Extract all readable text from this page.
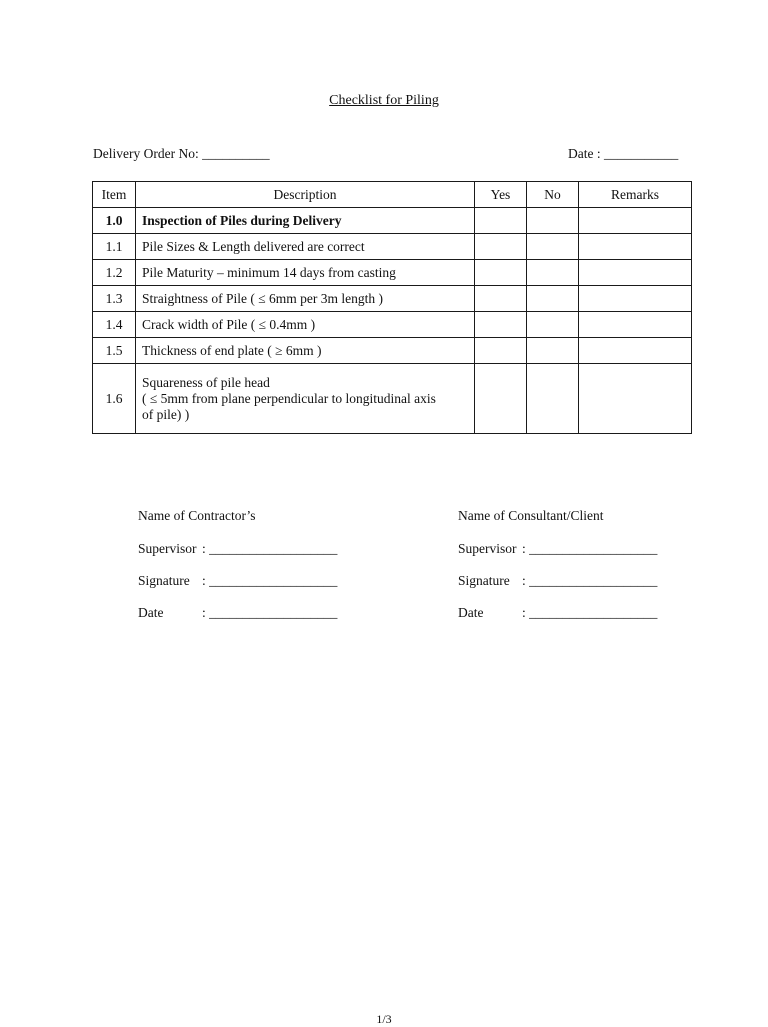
Checklist for Piling
Delivery Order No: __________	Date : ___________
Item	Description	Yes	No	Remarks
1.0	Inspection of Piles during Delivery			
1.1	Pile Sizes & Length delivered are correct			
1.2	Pile Maturity – minimum 14 days from casting			
1.3	Straightness of Pile ( ≤ 6mm per 3m length )			
1.4	Crack width of Pile ( ≤ 0.4mm )			
1.5	Thickness of end plate ( ≥ 6mm )			
1.6	Squareness of pile head
( ≤ 5mm from plane perpendicular to longitudinal axis
of pile) )			

Name of Contractor’s
Supervisor : ___________________
Signature : ___________________
Date	: ___________________
Name of Consultant/Client
Supervisor : ___________________
Signature : ___________________
Date	: ___________________
1/3
